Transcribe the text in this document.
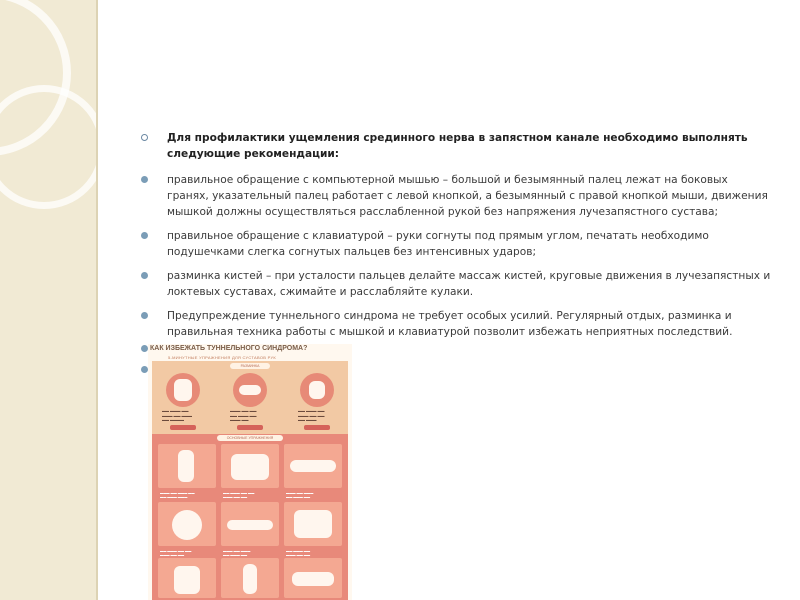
Для профилактики ущемления срединного нерва в запястном канале необходимо выполнять следующие рекомендации:
правильное обращение с компьютерной мышью – большой и безымянный палец лежат на боковых гранях, указательный палец работает с левой кнопкой, а безымянный с правой кнопкой мыши, движения мышкой должны осуществляться расслабленной рукой без напряжения лучезапястного сустава;
правильное обращение с клавиатурой – руки согнуты под прямым углом, печатать необходимо подушечками слегка согнутых пальцев без интенсивных ударов;
разминка кистей – при усталости пальцев делайте массаж кистей, круговые движения в лучезапястных и локтевых суставах, сжимайте и расслабляйте кулаки.
Предупреждение туннельного синдрома не требует особых усилий. Регулярный отдых, разминка и правильная техника работы с мышкой и клавиатурой позволит избежать неприятных последствий.
КАК ИЗБЕЖАТЬ ТУННЕЛЬНОГО СИНДРОМА?
5-МИНУТНЫЕ УПРАЖНЕНИЯ ДЛЯ СУСТАВОВ РУК
РАЗМИНКА
▬▬ ▬▬▬ ▬▬
▬▬▬ ▬▬ ▬▬▬
▬▬ ▬▬▬▬
▬▬▬ ▬▬ ▬▬
▬▬ ▬▬▬ ▬▬
▬▬▬ ▬▬
▬▬ ▬▬▬ ▬▬
▬▬▬ ▬▬ ▬▬
▬▬ ▬▬▬
ОСНОВНЫЕ УПРАЖНЕНИЯ
▬▬▬ ▬▬ ▬▬▬ ▬▬
▬▬ ▬▬▬ ▬▬▬
▬▬ ▬▬▬ ▬▬ ▬▬
▬▬▬ ▬▬ ▬▬
▬▬▬ ▬▬ ▬▬▬
▬▬ ▬▬▬ ▬▬
▬▬ ▬▬▬ ▬▬ ▬▬
▬▬▬ ▬▬ ▬▬
▬▬▬ ▬▬ ▬▬▬
▬▬ ▬▬▬ ▬▬
▬▬ ▬▬▬ ▬▬
▬▬▬ ▬▬ ▬▬
